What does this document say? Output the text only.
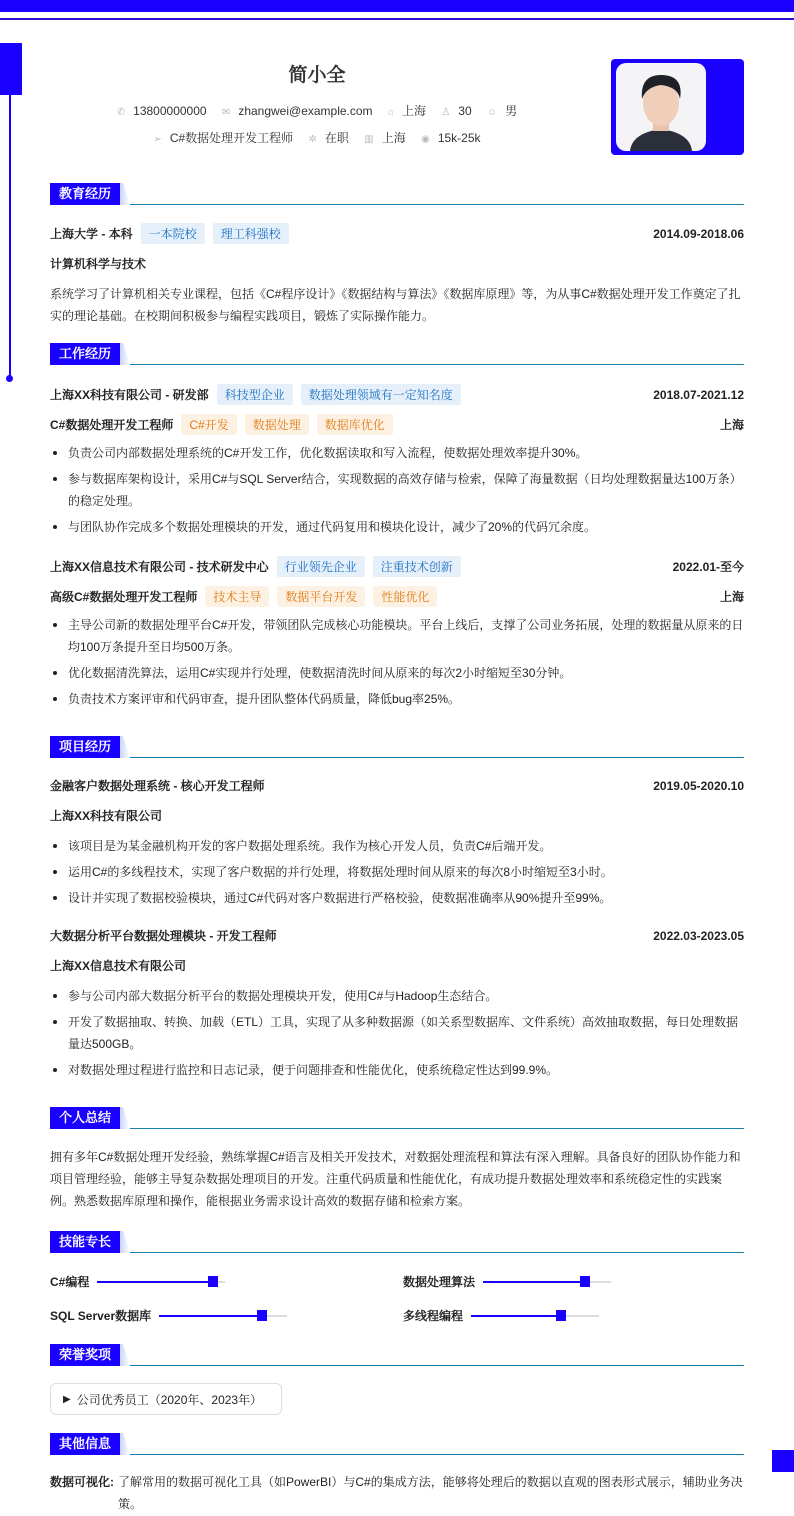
简小全
✆ 13800000000 ✉ zhangwei@example.com ⌂ 上海 ♙ 30 ☺ 男
➢ C#数据处理开发工程师 ✲ 在职 ▥ 上海 ◉ 15k-25k
教育经历
上海大学 - 本科	一本院校	理工科强校	2014.09-2018.06
计算机科学与技术
系统学习了计算机相关专业课程，包括《C#程序设计》《数据结构与算法》《数据库原理》等，为从事C#数据处理开发工作奠定了扎实的理论基础。在校期间积极参与编程实践项目，锻炼了实际操作能力。
工作经历
上海XX科技有限公司 - 研发部	科技型企业	数据处理领域有一定知名度	2018.07-2021.12
C#数据处理开发工程师	C#开发	数据处理	数据库优化	上海
负责公司内部数据处理系统的C#开发工作，优化数据读取和写入流程，使数据处理效率提升30%。
参与数据库架构设计，采用C#与SQL Server结合，实现数据的高效存储与检索，保障了海量数据（日均处理数据量达100万条）的稳定处理。
与团队协作完成多个数据处理模块的开发，通过代码复用和模块化设计，减少了20%的代码冗余度。
上海XX信息技术有限公司 - 技术研发中心	行业领先企业	注重技术创新	2022.01-至今
高级C#数据处理开发工程师	技术主导	数据平台开发	性能优化	上海
主导公司新的数据处理平台C#开发，带领团队完成核心功能模块。平台上线后，支撑了公司业务拓展，处理的数据量从原来的日均100万条提升至日均500万条。
优化数据清洗算法，运用C#实现并行处理，使数据清洗时间从原来的每次2小时缩短至30分钟。
负责技术方案评审和代码审查，提升团队整体代码质量，降低bug率25%。
项目经历
金融客户数据处理系统 - 核心开发工程师	2019.05-2020.10
上海XX科技有限公司
该项目是为某金融机构开发的客户数据处理系统。我作为核心开发人员，负责C#后端开发。
运用C#的多线程技术，实现了客户数据的并行处理，将数据处理时间从原来的每次8小时缩短至3小时。
设计并实现了数据校验模块，通过C#代码对客户数据进行严格校验，使数据准确率从90%提升至99%。
大数据分析平台数据处理模块 - 开发工程师	2022.03-2023.05
上海XX信息技术有限公司
参与公司内部大数据分析平台的数据处理模块开发，使用C#与Hadoop生态结合。
开发了数据抽取、转换、加载（ETL）工具，实现了从多种数据源（如关系型数据库、文件系统）高效抽取数据，每日处理数据量达500GB。
对数据处理过程进行监控和日志记录，便于问题排查和性能优化，使系统稳定性达到99.9%。
个人总结
拥有多年C#数据处理开发经验，熟练掌握C#语言及相关开发技术，对数据处理流程和算法有深入理解。具备良好的团队协作能力和项目管理经验，能够主导复杂数据处理项目的开发。注重代码质量和性能优化，有成功提升数据处理效率和系统稳定性的实践案例。熟悉数据库原理和操作，能根据业务需求设计高效的数据存储和检索方案。
技能专长
C#编程	数据处理算法
SQL Server数据库	多线程编程
荣誉奖项
▶ 公司优秀员工（2020年、2023年）
其他信息
数据可视化: 了解常用的数据可视化工具（如PowerBI）与C#的集成方法，能够将处理后的数据以直观的图表形式展示，辅助业务决策。
